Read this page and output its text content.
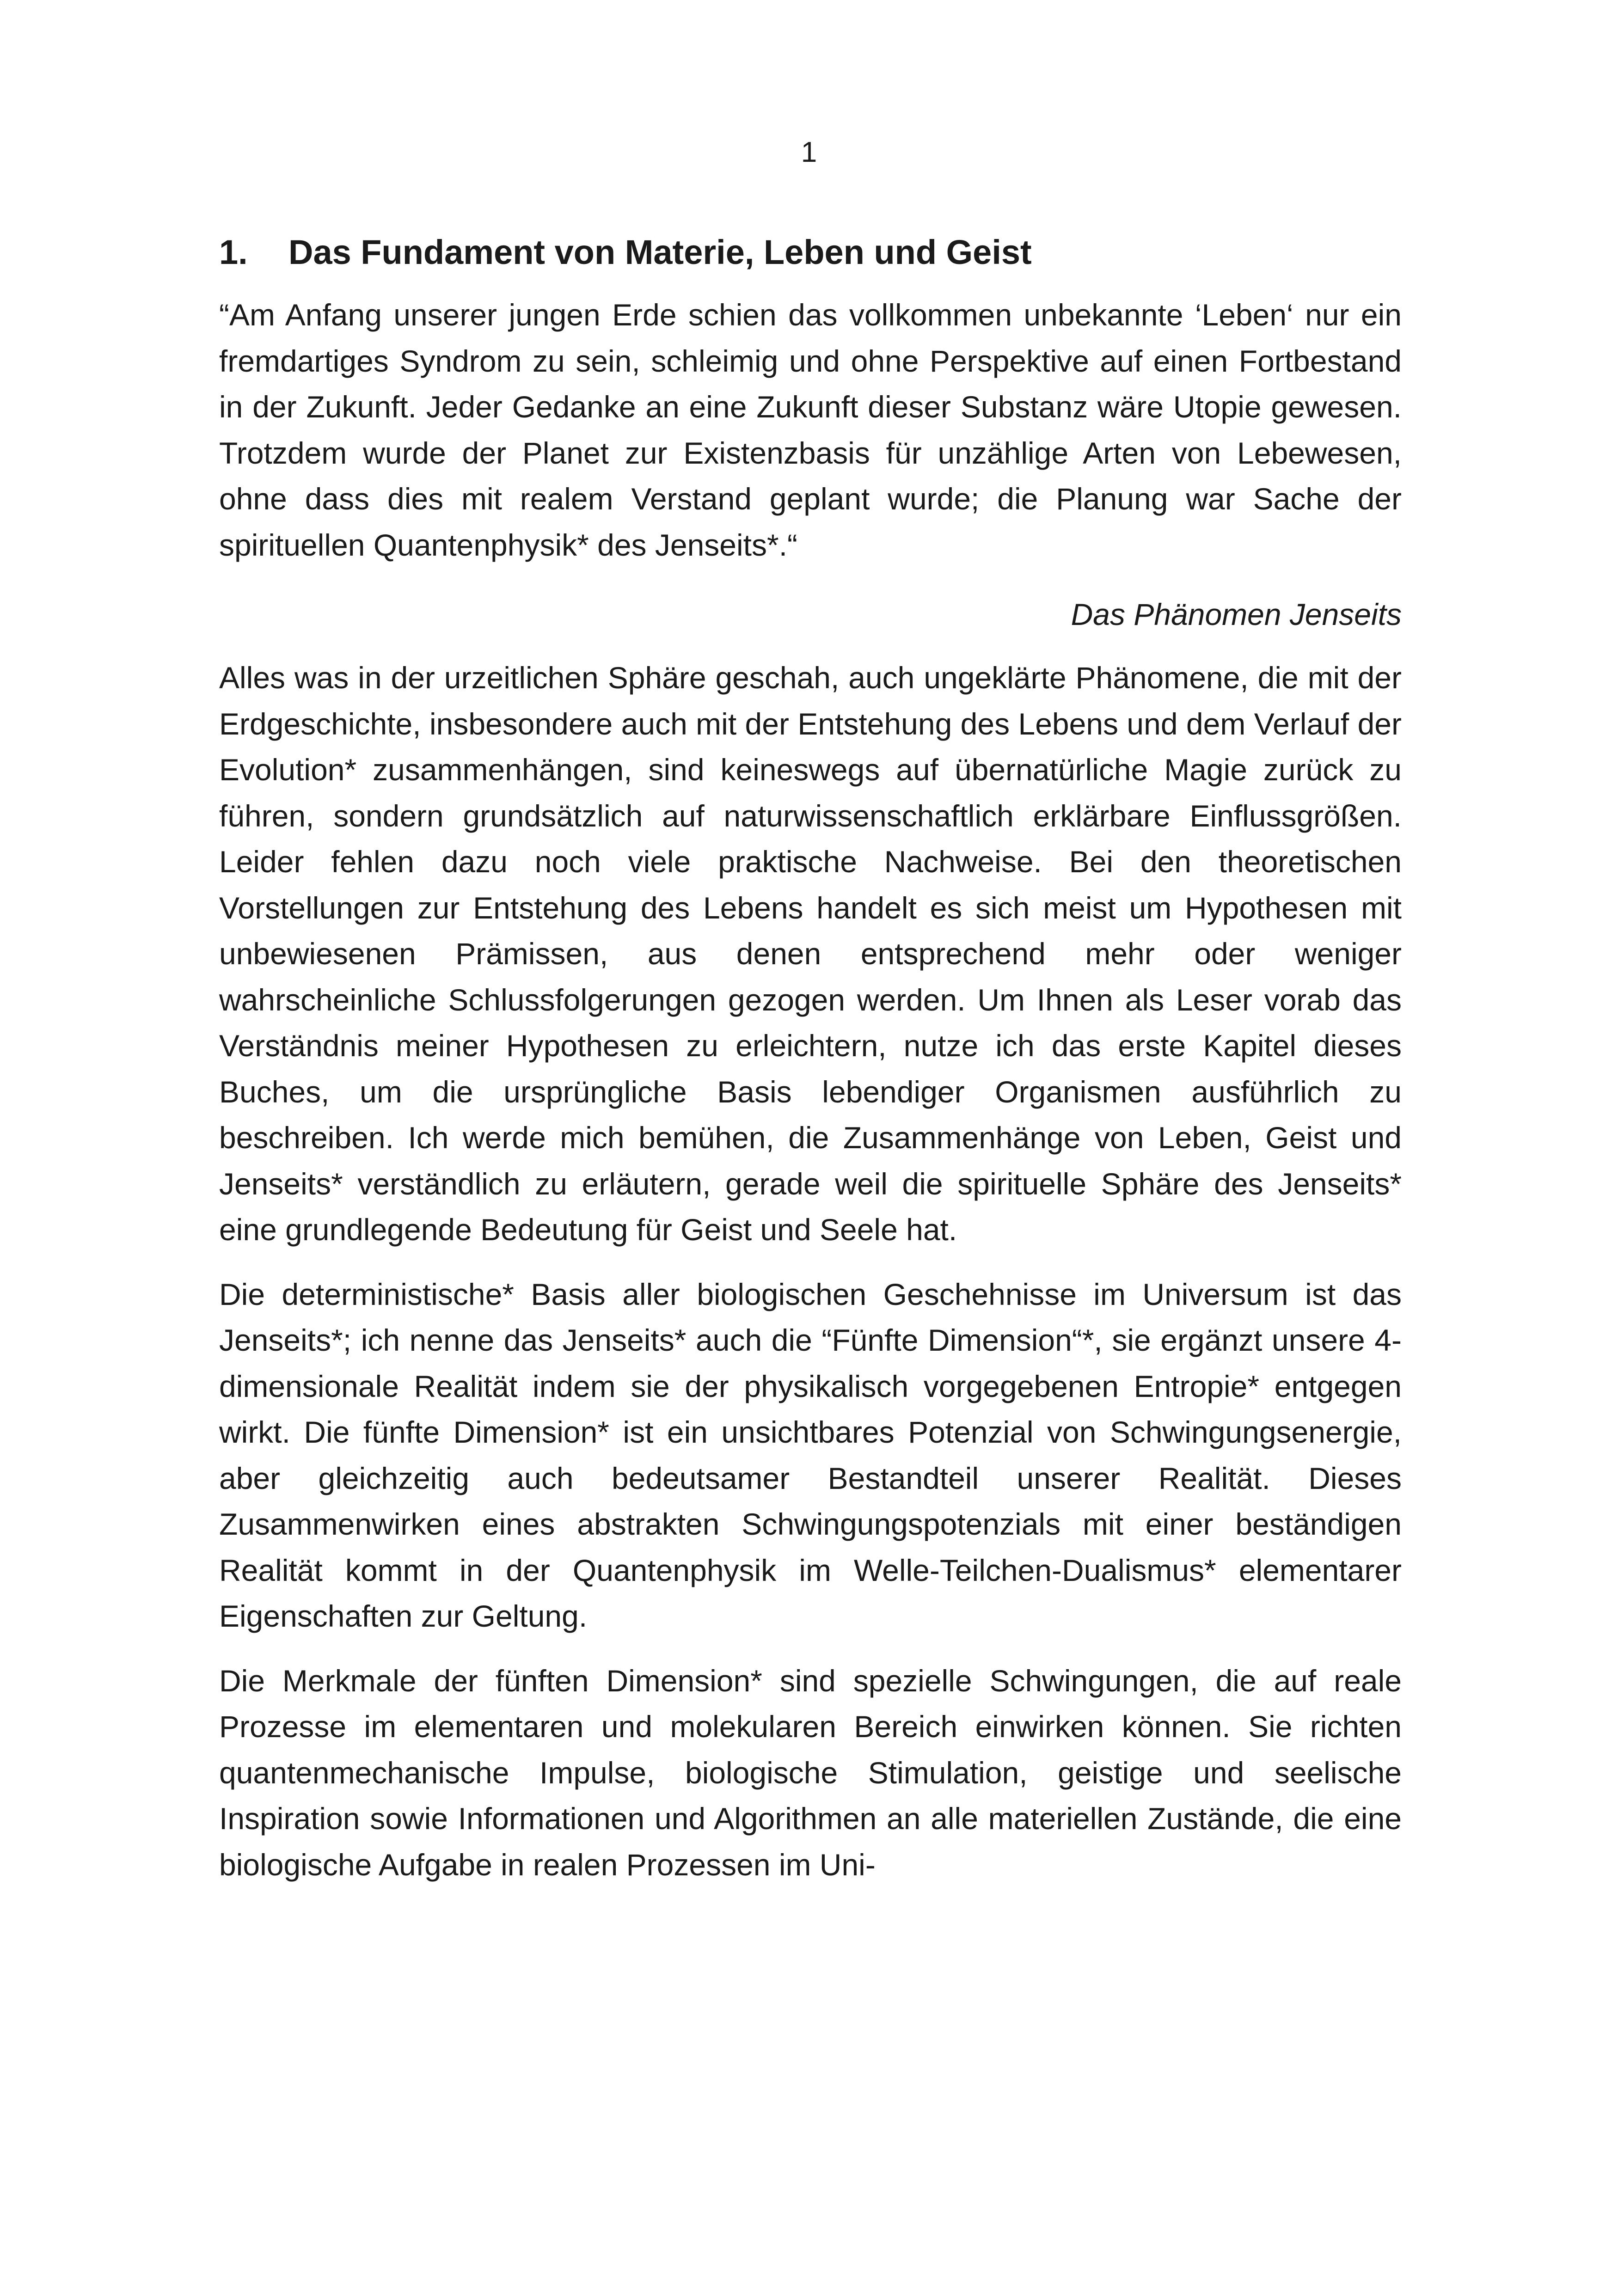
1
1.	Das Fundament von Materie, Leben und Geist

“Am Anfang unserer jungen Erde schien das vollkommen unbekannte ‘Leben‘ nur ein fremdartiges Syndrom zu sein, schleimig und ohne Perspektive auf einen Fortbestand in der Zukunft. Jeder Gedanke an eine Zukunft dieser Substanz wäre Utopie gewesen. Trotzdem wurde der Planet zur Existenzbasis für unzählige Arten von Lebewesen, ohne dass dies mit realem Verstand geplant wurde; die Planung war Sache der spirituellen Quantenphysik* des Jenseits*.“

Das Phänomen Jenseits

Alles was in der urzeitlichen Sphäre geschah, auch ungeklärte Phänomene, die mit der Erdgeschichte, insbesondere auch mit der Entstehung des Lebens und dem Verlauf der Evolution* zusammenhängen, sind keineswegs auf übernatürliche Magie zurück zu führen, sondern grundsätzlich auf naturwissenschaftlich erklärbare Einflussgrößen. Leider fehlen dazu noch viele praktische Nachweise. Bei den theoretischen Vorstellungen zur Entstehung des Lebens handelt es sich meist um Hypothesen mit unbewiesenen Prämissen, aus denen entsprechend mehr oder weniger wahrscheinliche Schlussfolgerungen gezogen werden. Um Ihnen als Leser vorab das Verständnis meiner Hypothesen zu erleichtern, nutze ich das erste Kapitel dieses Buches, um die ursprüngliche Basis lebendiger Organismen ausführlich zu beschreiben. Ich werde mich bemühen, die Zusammenhänge von Leben, Geist und Jenseits* verständlich zu erläutern, gerade weil die spirituelle Sphäre des Jenseits* eine grundlegende Bedeutung für Geist und Seele hat.

Die deterministische* Basis aller biologischen Geschehnisse im Universum ist das Jenseits*; ich nenne das Jenseits* auch die “Fünfte Dimension“*, sie ergänzt unsere 4-dimensionale Realität indem sie der physikalisch vorgegebenen Entropie* entgegen wirkt. Die fünfte Dimension* ist ein unsichtbares Potenzial von Schwingungsenergie, aber gleichzeitig auch bedeutsamer Bestandteil unserer Realität. Dieses Zusammenwirken eines abstrakten Schwingungspotenzials mit einer beständigen Realität kommt in der Quantenphysik im Welle-Teilchen-Dualismus* elementarer Eigenschaften zur Geltung.

Die Merkmale der fünften Dimension* sind spezielle Schwingungen, die auf reale Prozesse im elementaren und molekularen Bereich einwirken können. Sie richten quantenmechanische Impulse, biologische Stimulation, geistige und seelische Inspiration sowie Informationen und Algorithmen an alle materiellen Zustände, die eine biologische Aufgabe in realen Prozessen im Uni-
